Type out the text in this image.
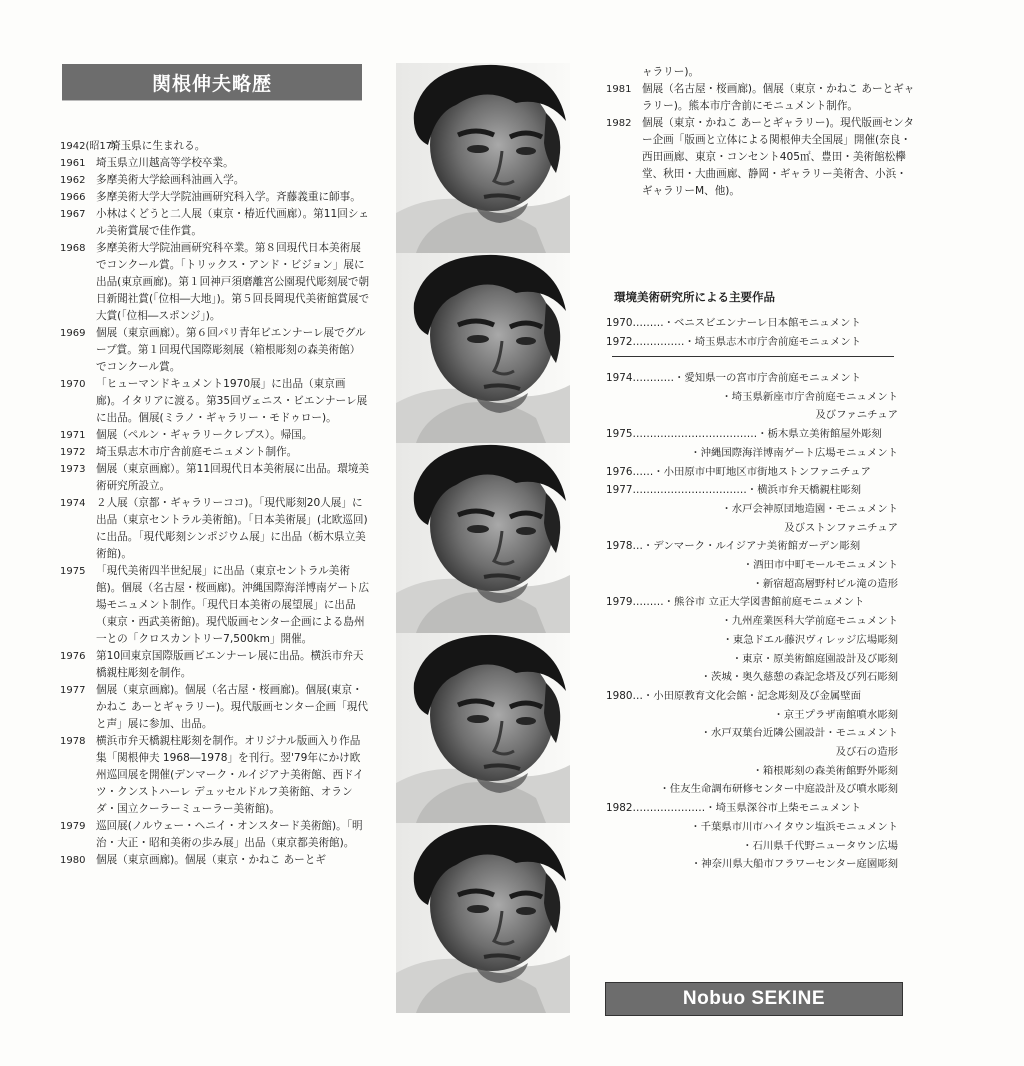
関根伸夫略歴
1942(昭17)
埼玉県に生まれる。
1961 埼玉県立川越高等学校卒業。
1962 多摩美術大学絵画科油画入学。
1966 多摩美術大学大学院油画研究科入学。斉藤義重に師事。
1967 小林はくどうと二人展（東京・椿近代画廊）。第11回シェル美術賞展で佳作賞。
1968 多摩美術大学院油画研究科卒業。第８回現代日本美術展でコンクール賞。「トリックス・アンド・ビジョン」展に出品(東京画廊)。第１回神戸須磨離宮公園現代彫刻展で朝日新聞社賞(「位相―大地」)。第５回長岡現代美術館賞展で大賞(「位相―スポンジ」)。
1969 個展（東京画廊）。第６回パリ青年ビエンナーレ展でグループ賞。第１回現代国際彫刻展（箱根彫刻の森美術館）でコンクール賞。
1970 「ヒューマンドキュメント1970展」に出品（東京画廊)。イタリアに渡る。第35回ヴェニス・ビエンナーレ展に出品。個展(ミラノ・ギャラリー・モドゥロー)。
1971 個展（ペルン・ギャラリークレプス）。帰国。
1972 埼玉県志木市庁舎前庭モニュメント制作。
1973 個展（東京画廊）。第11回現代日本美術展に出品。環境美術研究所設立。
1974 ２人展（京都・ギャラリーココ)。「現代彫刻20人展」に出品（東京セントラル美術館)。「日本美術展」(北欧巡回)に出品。「現代彫刻シンポジウム展」に出品（栃木県立美術館)。
1975 「現代美術四半世紀展」に出品（東京セントラル美術館)。個展（名古屋・桜画廊)。沖縄国際海洋博南ゲート広場モニュメント制作。「現代日本美術の展望展」に出品（東京・西武美術館)。現代版画センター企画による島州一との「クロスカントリー7,500km」開催。
1976 第10回東京国際版画ビエンナーレ展に出品。横浜市弁天橋親柱彫刻を制作。
1977 個展（東京画廊)。個展（名古屋・桜画廊)。個展(東京・かねこ あーとギャラリー)。現代版画センター企画「現代と声」展に参加、出品。
1978 横浜市弁天橋親柱彫刻を制作。オリジナル版画入り作品集「関根伸夫 1968―1978」を刊行。翌'79年にかけ欧州巡回展を開催(デンマーク・ルイジアナ美術館、西ドイツ・クンストハーレ デュッセルドルフ美術館、オランダ・国立クーラーミューラー美術館)。
1979 巡回展(ノルウェー・ヘニイ・オンスタード美術館)。「明治・大正・昭和美術の歩み展」出品（東京都美術館)。
1980 個展（東京画廊)。個展（東京・かねこ あーとギ
ャラリー)。
1981 個展（名古屋・桜画廊)。個展（東京・かねこ あーとギャラリー)。熊本市庁舎前にモニュメント制作。
1982 個展（東京・かねこ あーとギャラリー)。現代版画センター企画「版画と立体による関根伸夫全国展」開催(奈良・西田画廊、東京・コンセント405㎡、豊田・美術館松欅堂、秋田・大曲画廊、静岡・ギャラリー美術舎、小浜・ギャラリーM、他)。
環境美術研究所による主要作品
1970………・ベニスビエンナーレ日本館モニュメント
1972……………・埼玉県志木市庁舎前庭モニュメント
1974…………・愛知県一の宮市庁舎前庭モニュメント
・埼玉県新座市庁舎前庭モニュメント
及びファニチュア
1975………………………………・栃木県立美術館屋外彫刻
・沖縄国際海洋博南ゲート広場モニュメント
1976……・小田原市中町地区市街地ストンファニチュア
1977……………………………・横浜市弁天橋親柱彫刻
・水戸会神原団地造園・モニュメント
及びストンファニチュア
1978…・デンマーク・ルイジアナ美術館ガーデン彫刻
・酒田市中町モールモニュメント
・新宿超高層野村ビル滝の造形
1979………・熊谷市 立正大学図書館前庭モニュメント
・九州産業医科大学前庭モニュメント
・東急ドエル藤沢ヴィレッジ広場彫刻
・東京・原美術館庭園設計及び彫刻
・茨城・奥久慈憩の森記念塔及び列石彫刻
1980…・小田原教育文化会館・記念彫刻及び金属壁面
・京王プラザ南館噴水彫刻
・水戸双葉台近隣公園設計・モニュメント
及び石の造形
・箱根彫刻の森美術館野外彫刻
・住友生命調布研修センター中庭設計及び噴水彫刻
1982…………………・埼玉県深谷市上柴モニュメント
・千葉県市川市ハイタウン塩浜モニュメント
・石川県千代野ニュータウン広場
・神奈川県大船市フラワーセンター庭園彫刻
Nobuo SEKINE
